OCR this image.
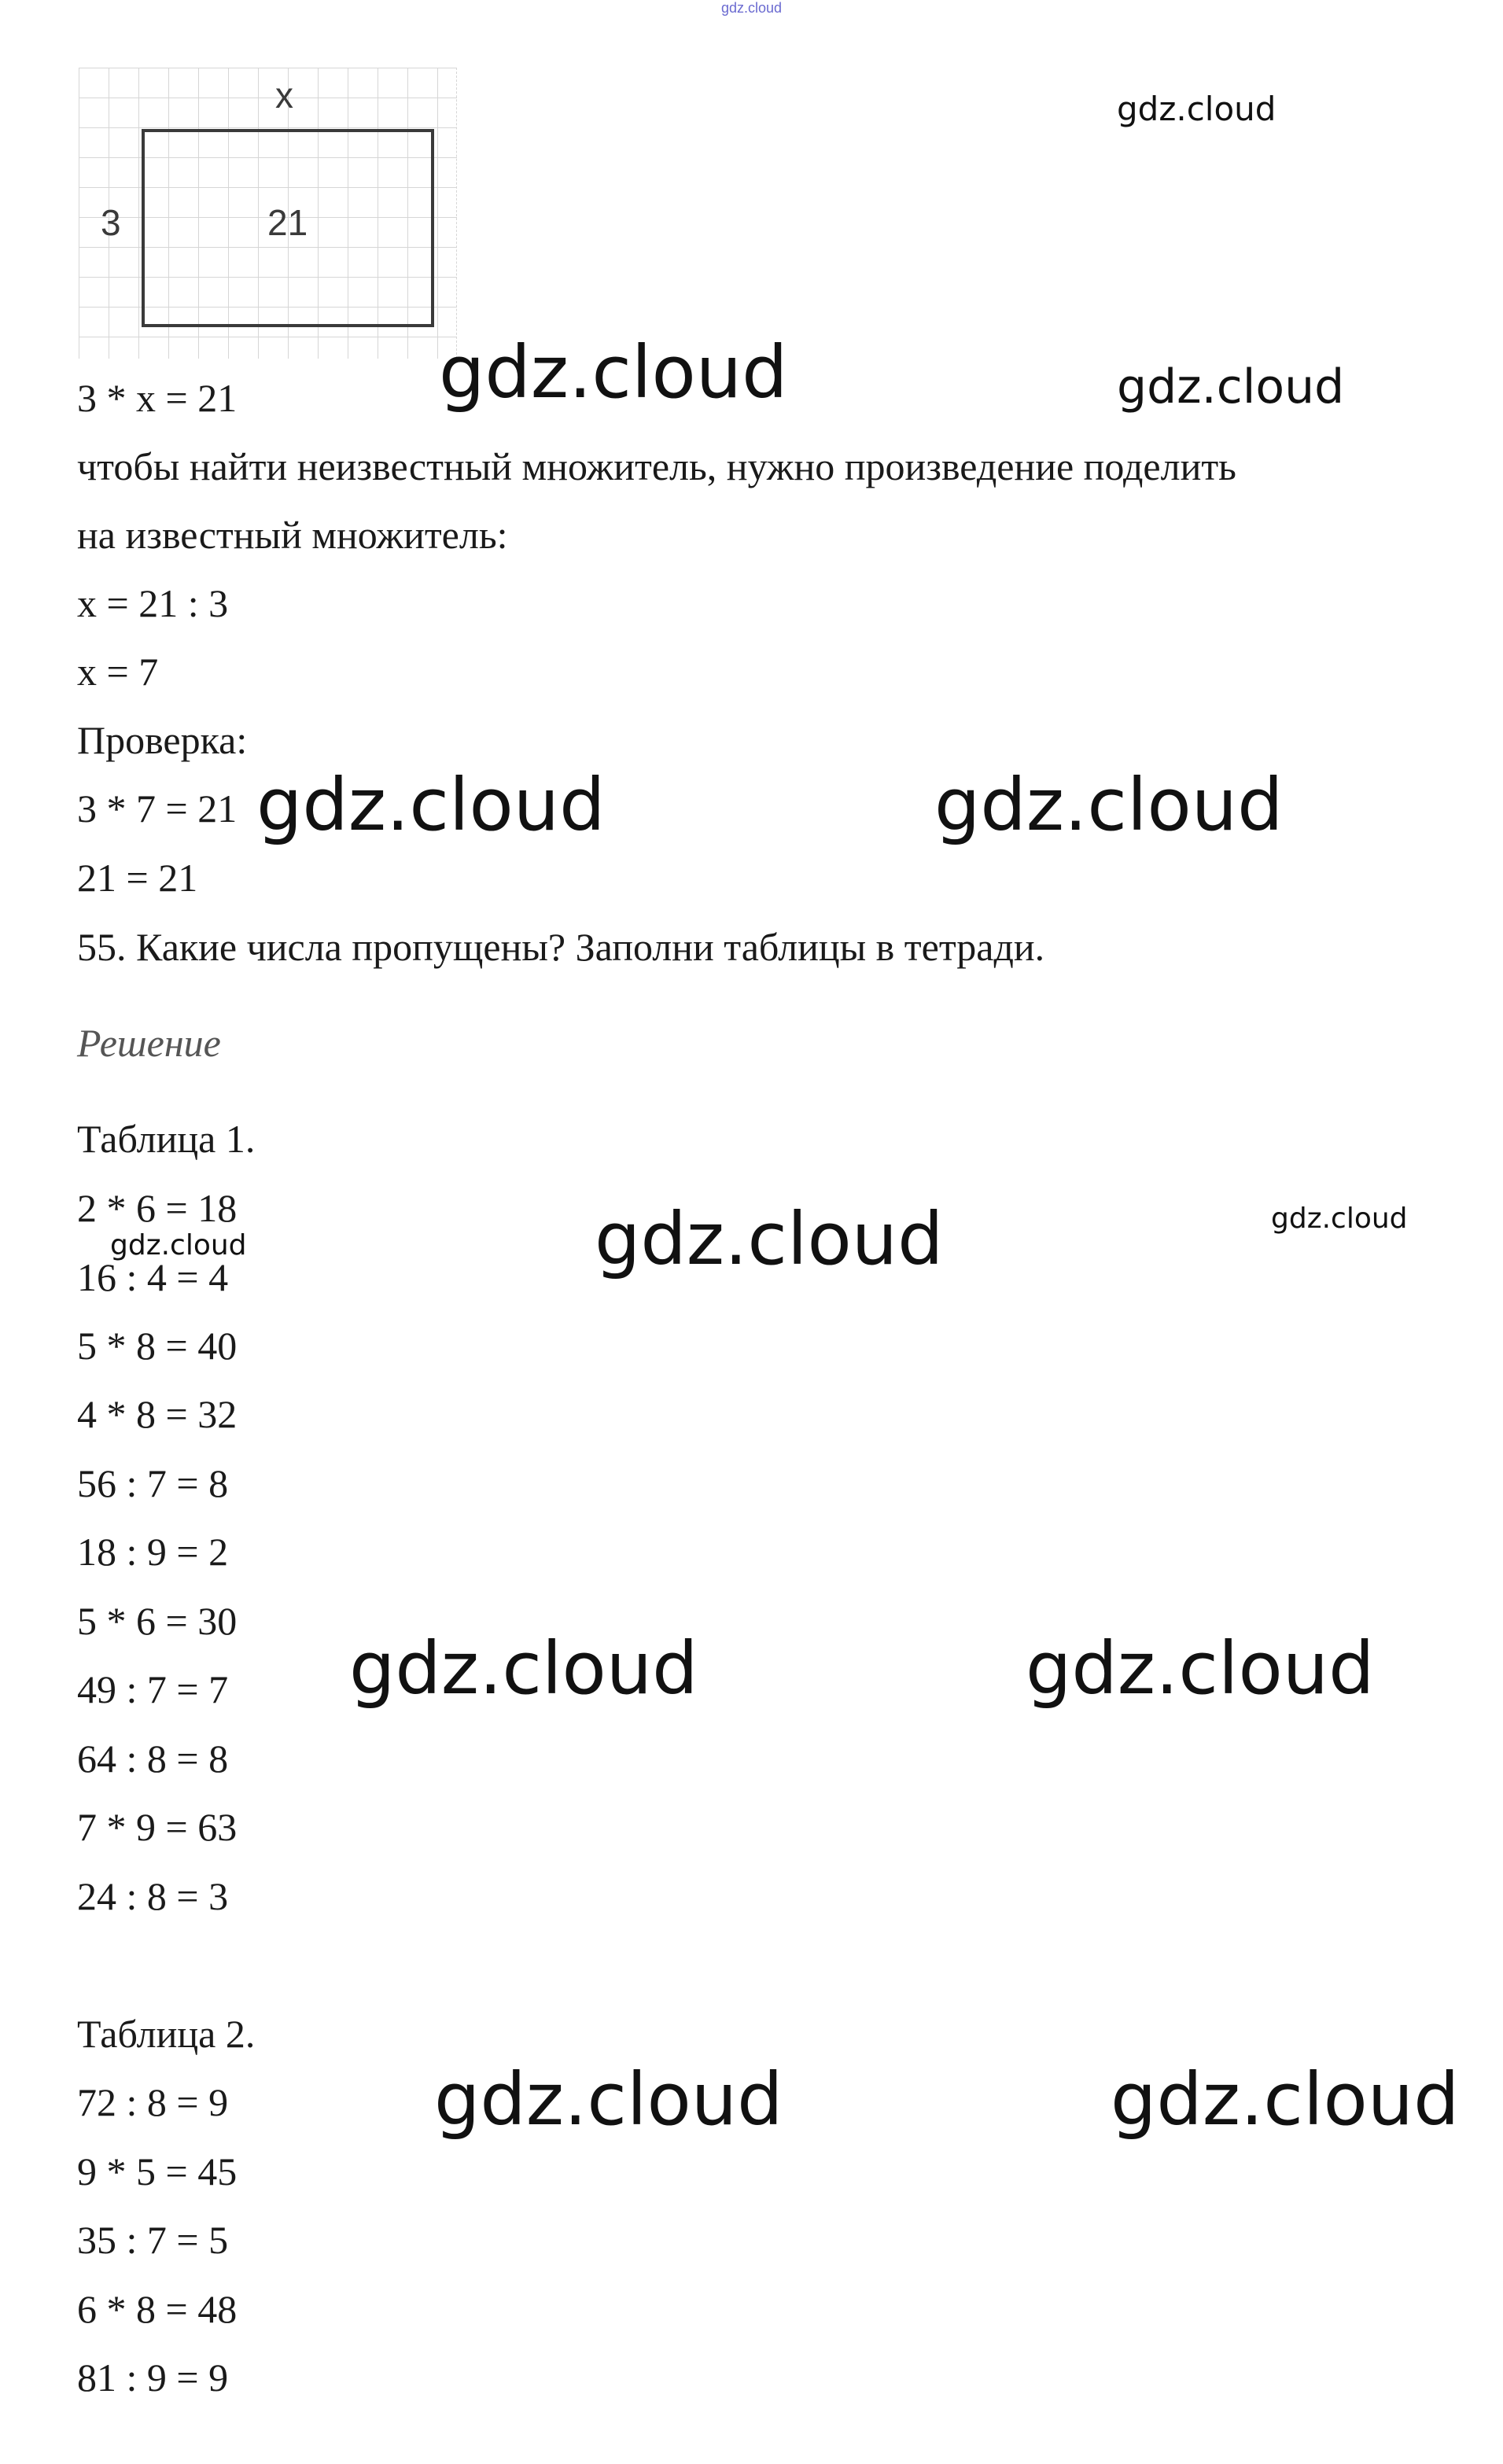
gdz.cloud
x
3	21
3 * x = 21
чтобы найти неизвестный множитель, нужно произведение поделить
на известный множитель:
x = 21 : 3
x = 7
Проверка:
3 * 7 = 21
21 = 21
55. Какие числа пропущены? Заполни таблицы в тетради.
Решение
Таблица 1.
2 * 6 = 18
16 : 4 = 4
5 * 8 = 40
4 * 8 = 32
56 : 7 = 8
18 : 9 = 2
5 * 6 = 30
49 : 7 = 7
64 : 8 = 8
7 * 9 = 63
24 : 8 = 3
Таблица 2.
72 : 8 = 9
9 * 5 = 45
35 : 7 = 5
6 * 8 = 48
81 : 9 = 9
gdz.cloud
gdz.cloud	gdz.cloud
gdz.cloud	gdz.cloud
gdz.cloud	gdz.cloud
gdz.cloud
gdz.cloud	gdz.cloud
gdz.cloud	gdz.cloud
